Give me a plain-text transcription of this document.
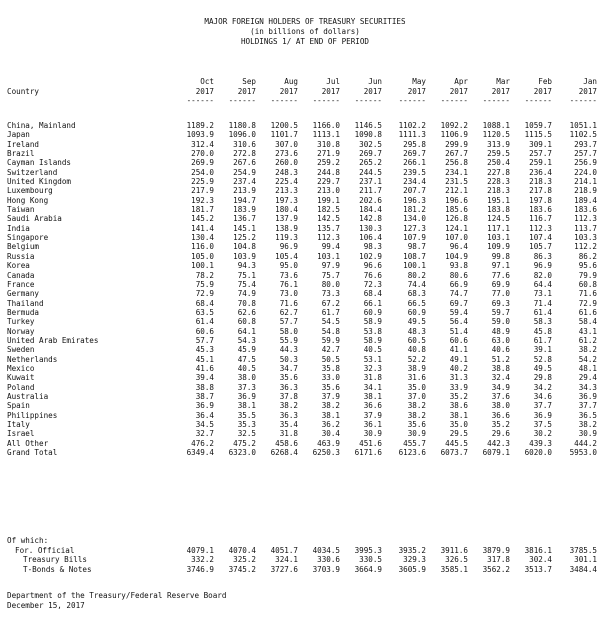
MAJOR FOREIGN HOLDERS OF TREASURY SECURITIES
(in billions of dollars)
HOLDINGS 1/ AT END OF PERIOD
	Oct	Sep	Aug	Jul	Jun	May	Apr	Mar	Feb	Jan
Country	2017	2017	2017	2017	2017	2017	2017	2017	2017	2017
	------	------	------	------	------	------	------	------	------	------
China, Mainland	1189.2	1180.8	1200.5	1166.0	1146.5	1102.2	1092.2	1088.1	1059.7	1051.1
Japan	1093.9	1096.0	1101.7	1113.1	1090.8	1111.3	1106.9	1120.5	1115.5	1102.5
Ireland	312.4	310.6	307.0	310.8	302.5	295.8	299.9	313.9	309.1	293.7
Brazil	270.0	272.8	273.6	271.9	269.7	269.7	267.7	259.5	257.7	257.7
Cayman Islands	269.9	267.6	260.0	259.2	265.2	266.1	256.8	250.4	259.1	256.9
Switzerland	254.0	254.9	248.3	244.8	244.5	239.5	234.1	227.8	236.4	224.0
United Kingdom	225.9	237.4	225.4	229.7	237.1	234.4	231.5	228.3	218.3	214.1
Luxembourg	217.9	213.9	213.3	213.0	211.7	207.7	212.1	218.3	217.8	218.9
Hong Kong	192.3	194.7	197.3	199.1	202.6	196.3	196.6	195.1	197.8	189.4
Taiwan	181.7	183.9	180.4	182.5	184.4	181.2	185.6	183.8	183.6	183.6
Saudi Arabia	145.2	136.7	137.9	142.5	142.8	134.0	126.8	124.5	116.7	112.3
India	141.4	145.1	138.9	135.7	130.3	127.3	124.1	117.1	112.3	113.7
Singapore	130.4	125.2	119.3	112.3	106.4	107.9	107.0	103.1	107.4	103.3
Belgium	116.0	104.8	96.9	99.4	98.3	98.7	96.4	109.9	105.7	112.2
Russia	105.0	103.9	105.4	103.1	102.9	108.7	104.9	99.8	86.3	86.2
Korea	100.1	94.3	95.0	97.9	96.6	100.1	93.8	97.1	96.9	95.6
Canada	78.2	75.1	73.6	75.7	76.6	80.2	80.6	77.6	82.0	79.9
France	75.9	75.4	76.1	80.0	72.3	74.4	66.9	69.9	64.4	60.8
Germany	72.9	74.9	73.0	73.3	68.4	68.3	74.7	77.0	73.1	71.6
Thailand	68.4	70.8	71.6	67.2	66.1	66.5	69.7	69.3	71.4	72.9
Bermuda	63.5	62.6	62.7	61.7	60.9	60.9	59.4	59.7	61.4	61.6
Turkey	61.4	60.8	57.7	54.5	58.9	49.5	56.4	59.0	58.3	58.4
Norway	60.6	64.1	58.0	54.8	53.8	48.3	51.4	48.9	45.8	43.1
United Arab Emirates	57.7	54.3	55.9	59.9	58.9	60.5	60.6	63.0	61.7	61.2
Sweden	45.3	45.9	44.3	42.7	40.5	40.8	41.1	40.6	39.1	38.2
Netherlands	45.1	47.5	50.3	50.5	53.1	52.2	49.1	51.2	52.8	54.2
Mexico	41.6	40.5	34.7	35.8	32.3	38.9	40.2	38.8	49.5	48.1
Kuwait	39.4	38.0	35.6	33.0	31.8	31.6	31.3	32.4	29.8	29.4
Poland	38.8	37.3	36.3	35.6	34.1	35.0	33.9	34.9	34.2	34.3
Australia	38.7	36.9	37.8	37.9	38.1	37.0	35.2	37.6	34.6	36.9
Spain	36.9	38.1	38.2	38.2	36.6	38.2	38.6	38.0	37.7	37.7
Philippines	36.4	35.5	36.3	38.1	37.9	38.2	38.1	36.6	36.9	36.5
Italy	34.5	35.3	35.4	36.2	36.1	35.6	35.0	35.2	37.5	38.2
Israel	32.7	32.5	31.8	30.4	30.9	30.9	29.5	29.6	30.2	30.9
All Other	476.2	475.2	458.6	463.9	451.6	455.7	445.5	442.3	439.3	444.2
Grand Total	6349.4	6323.0	6268.4	6250.3	6171.6	6123.6	6073.7	6079.1	6020.0	5953.0
Of which:
For. Official	4079.1	4070.4	4051.7	4034.5	3995.3	3935.2	3911.6	3879.9	3816.1	3785.5
Treasury Bills	332.2	325.2	324.1	330.6	330.5	329.3	326.5	317.8	302.4	301.1
T-Bonds & Notes	3746.9	3745.2	3727.6	3703.9	3664.9	3605.9	3585.1	3562.2	3513.7	3484.4
Department of the Treasury/Federal Reserve Board
December 15, 2017
